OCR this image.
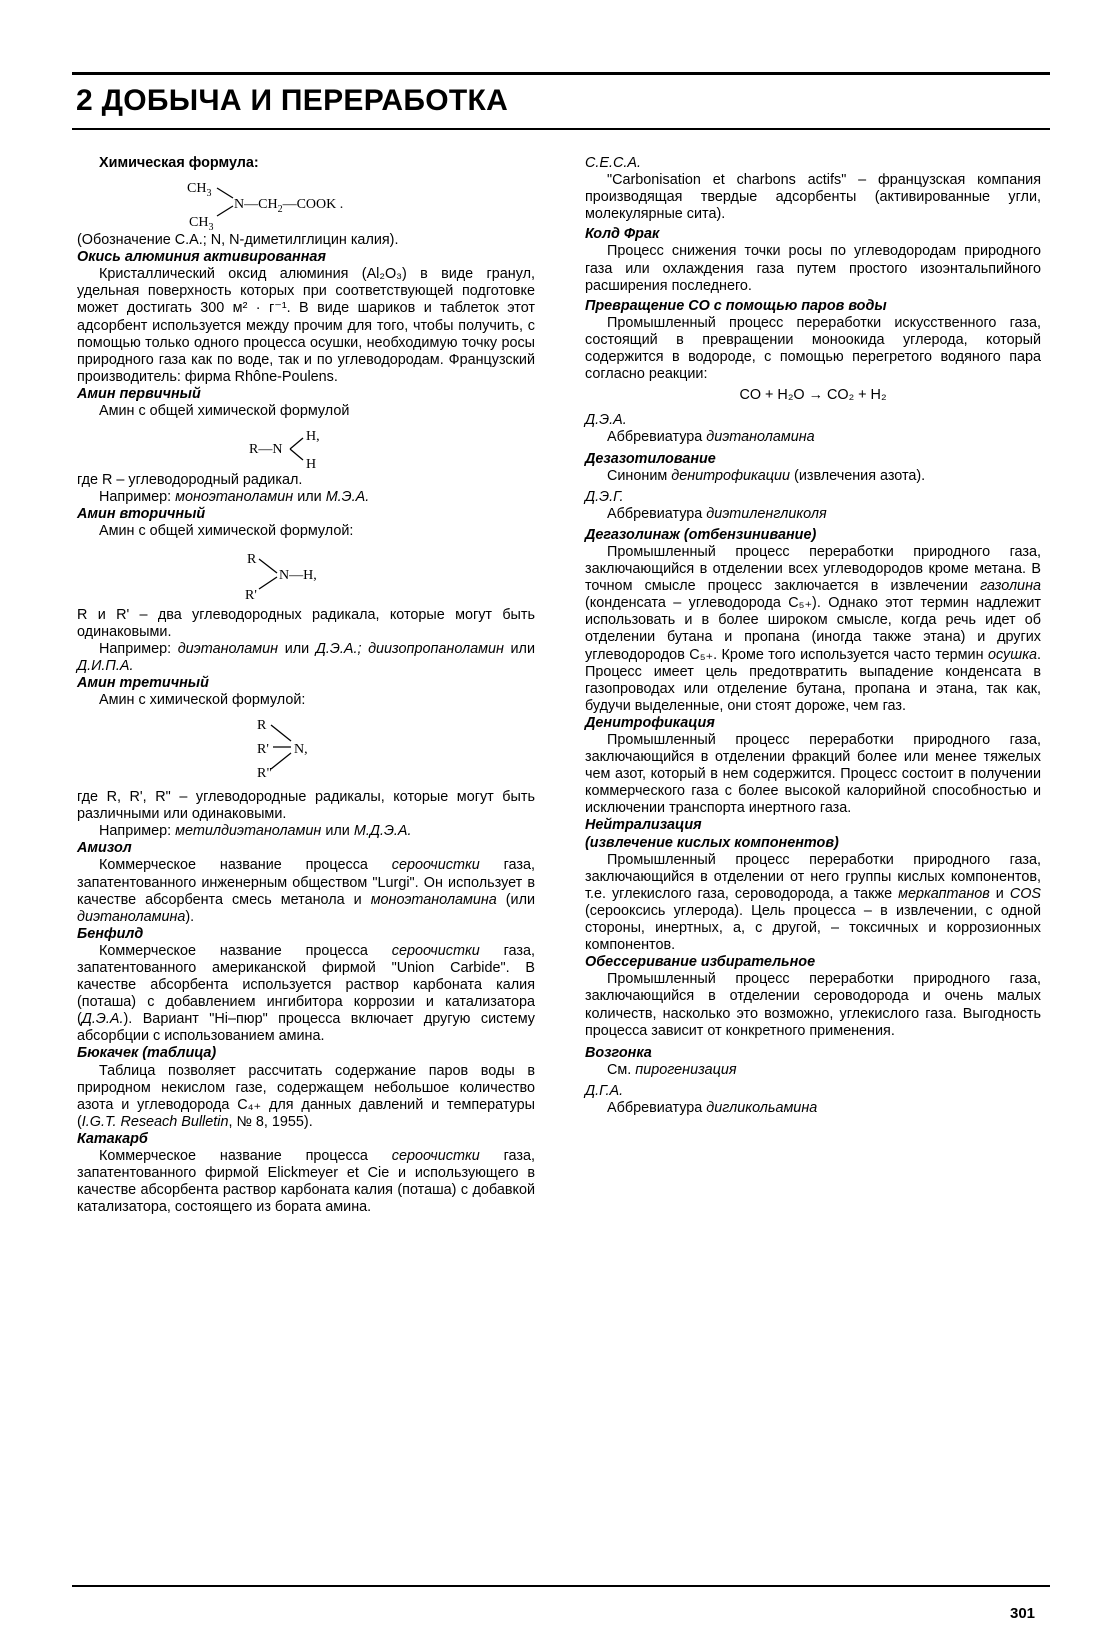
2 ДОБЫЧА И ПЕРЕРАБОТКА

Химическая формула:

$CH_3$
$N—CH_2—COOK$ .
$CH_3$

(Обозначение С.А.; N, N-диметилглицин калия).

Окись алюминия активированная

Кристаллический оксид алюминия (Al₂O₃) в виде гранул, удельная поверхность которых при соответствующей подготовке может достигать 300 м² · г⁻¹. В виде шариков и таблеток этот адсорбент используется между прочим для того, чтобы получить, с помощью только одного процесса осушки, необходимую точку росы природного газа как по воде, так и по углеводородам. Французский производитель: фирма Rhône-Poulens.

Амин первичный

Амин с общей химической формулой

R—N
H,
H

где R – углеводородный радикал.

Например: моноэтаноламин или М.Э.А.

Амин вторичный

Амин с общей химической формулой:

R
N—H,
R'

R и R' – два углеводородных радикала, которые могут быть одинаковыми.

Например: диэтаноламин или Д.Э.А.; диизопропаноламин или Д.И.П.А.

Амин третичный

Амин с химической формулой:

R
R' N,
R"

где R, R', R" – углеводородные радикалы, которые могут быть различными или одинаковыми.

Например: метилдиэтаноламин или М.Д.Э.А.

Амизол

Коммерческое название процесса сероочистки газа, запатентованного инженерным обществом "Lurgi". Он использует в качестве абсорбента смесь метанола и моноэтаноламина (или диэтаноламина).

Бенфилд

Коммерческое название процесса сероочистки газа, запатентованного американской фирмой "Union Carbide". В качестве абсорбента используется раствор карбоната калия (поташа) с добавлением ингибитора коррозии и катализатора (Д.Э.А.). Вариант "Hi–пюр" процесса включает другую систему абсорбции с использованием амина.

Бюкачек (таблица)

Таблица позволяет рассчитать содержание паров воды в природном некислом газе, содержащем небольшое количество азота и углеводорода C₄₊ для данных давлений и температуры (I.G.T. Reseach Bulletin, № 8, 1955).

Катакарб

Коммерческое название процесса сероочистки газа, запатентованного фирмой Elickmeyer et Cie и использующего в качестве абсорбента раствор карбоната калия (поташа) с добавкой катализатора, состоящего из бората амина.

C.E.C.A.

"Carbonisation et charbons actifs" – французская компания производящая твердые адсорбенты (активированные угли, молекулярные сита).

Колд Фрак

Процесс снижения точки росы по углеводородам природного газа или охлаждения газа путем простого изоэнтальпийного расширения последнего.

Превращение CO с помощью паров воды

Промышленный процесс переработки искусственного газа, состоящий в превращении моноокида углерода, который содержится в водороде, с помощью перегретого водяного пара согласно реакции:

CO + H₂O → CO₂ + H₂

Д.Э.А.

Аббревиатура диэтаноламина

Дезазотилование

Синоним денитрофикации (извлечения азота).

Д.Э.Г.

Аббревиатура диэтиленгликоля

Дегазолинаж (отбензинивание)

Промышленный процесс переработки природного газа, заключающийся в отделении всех углеводородов кроме метана. В точном смысле процесс заключается в извлечении газолина (конденсата – углеводорода C₅₊). Однако этот термин надлежит использовать и в более широком смысле, когда речь идет об отделении бутана и пропана (иногда также этана) и других углеводородов C₅₊. Кроме того используется часто термин осушка. Процесс имеет цель предотвратить выпадение конденсата в газопроводах или отделение бутана, пропана и этана, так как, будучи выделенные, они стоят дороже, чем газ.

Денитрофикация

Промышленный процесс переработки природного газа, заключающийся в отделении фракций более или менее тяжелых чем азот, который в нем содержится. Процесс состоит в получении коммерческого газа с более высокой калорийной способностью и исключении транспорта инертного газа.

Нейтрализация

(извлечение кислых компонентов)

Промышленный процесс переработки природного газа, заключающийся в отделении от него группы кислых компонентов, т.е. углекислого газа, сероводорода, а также меркаптанов и COS (серооксись углерода). Цель процесса – в извлечении, с одной стороны, инертных, а, с другой, – токсичных и коррозионных компонентов.

Обессеривание избирательное

Промышленный процесс переработки природного газа, заключающийся в отделении сероводорода и очень малых количеств, насколько это возможно, углекислого газа. Выгодность процесса зависит от конкретного применения.

Возгонка

См. пирогенизация

Д.Г.А.

Аббревиатура дигликольамина

301
